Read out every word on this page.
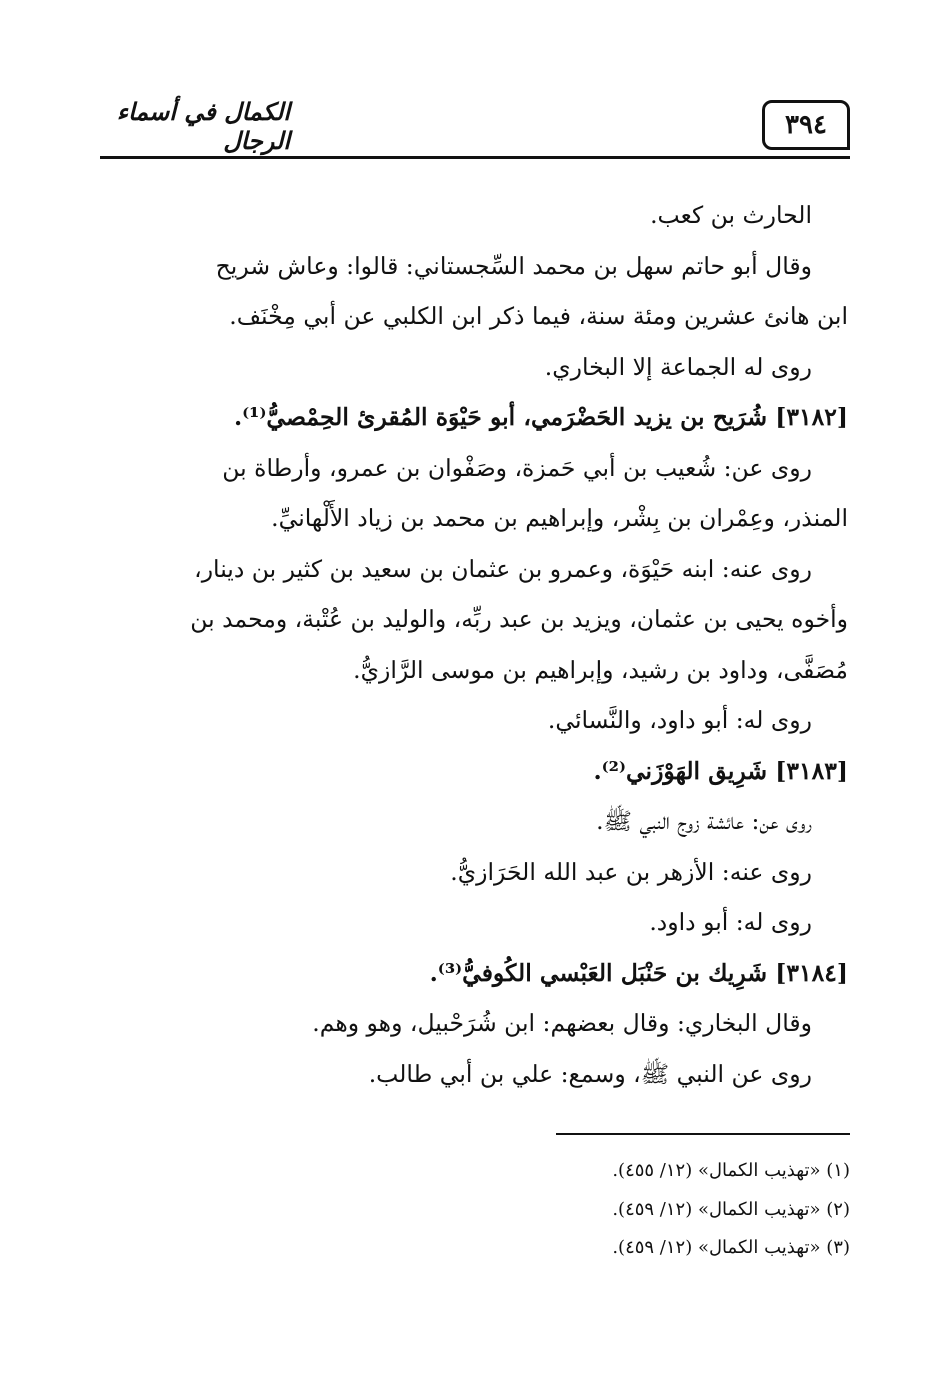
الكمال في أسماء الرجال
٣٩٤
الحارث بن كعب.
وقال أبو حاتم سهل بن محمد السِّجستاني: قالوا: وعاش شريح
ابن هانئ عشرين ومئة سنة، فيما ذكر ابن الكلبي عن أبي مِخْنَف.
روى له الجماعة إلا البخاري.
[٣١٨٢] شُرَيح بن يزيد الحَضْرَمي، أبو حَيْوَة المُقرئ الحِمْصيُّ⁽¹⁾.
روى عن: شُعيب بن أبي حَمزة، وصَفْوان بن عمرو، وأرطاة بن
المنذر، وعِمْران بن بِشْر، وإبراهيم بن محمد بن زياد الأَلْهانيِّ.
روى عنه: ابنه حَيْوَة، وعمرو بن عثمان بن سعيد بن كثير بن دينار،
وأخوه يحيى بن عثمان، ويزيد بن عبد ربِّه، والوليد بن عُتْبة، ومحمد بن
مُصَفَّى، وداود بن رشيد، وإبراهيم بن موسى الرَّازيُّ.
روى له: أبو داود، والنَّسائي.
[٣١٨٣] شَرِيق الهَوْزَني⁽²⁾.
روى عن: عائشة زوج النبي ﷺ.
روى عنه: الأزهر بن عبد الله الحَرَازيُّ.
روى له: أبو داود.
[٣١٨٤] شَرِيك بن حَنْبَل العَبْسي الكُوفيُّ⁽³⁾.
وقال البخاري: وقال بعضهم: ابن شُرَحْبيل، وهو وهم.
روى عن النبي ﷺ، وسمع: علي بن أبي طالب.
(١) «تهذيب الكمال» (١٢/ ٤٥٥).
(٢) «تهذيب الكمال» (١٢/ ٤٥٩).
(٣) «تهذيب الكمال» (١٢/ ٤٥٩).
